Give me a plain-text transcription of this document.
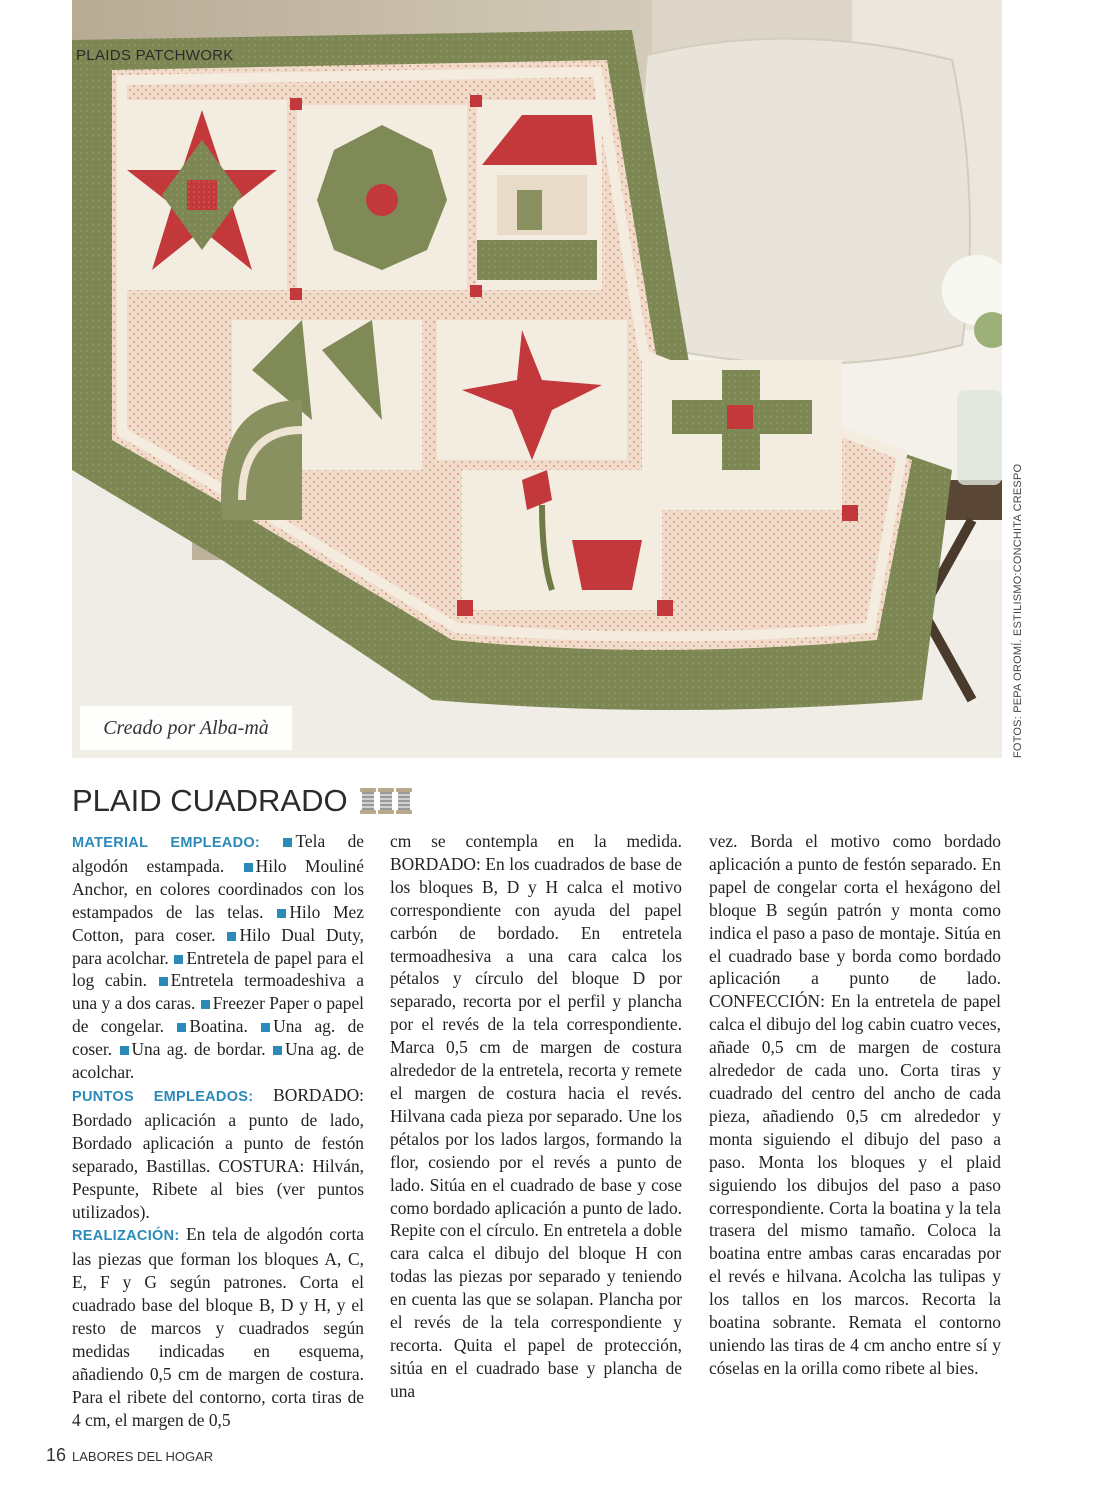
PLAIDS PATCHWORK
Creado por Alba-mà	FOTOS: PEPA OROMÍ. ESTILISMO:CONCHITA CRESPO
PLAID CUADRADO
MATERIAL EMPLEADO: Tela de algodón estampada. Hilo Mouliné Anchor, en colores coordinados con los estampados de las telas. Hilo Mez Cotton, para coser. Hilo Dual Duty, para acolchar. Entretela de papel para el log cabin. Entretela termoadeshiva a una y a dos caras. Freezer Paper o papel de congelar. Boatina. Una ag. de coser. Una ag. de bordar. Una ag. de acolchar.
PUNTOS EMPLEADOS: BORDADO: Bordado aplicación a punto de lado, Bordado aplicación a punto de festón separado, Bastillas. COSTURA: Hilván, Pespunte, Ribete al bies (ver puntos utilizados).
REALIZACIÓN: En tela de algodón corta las piezas que forman los bloques A, C, E, F y G según patrones. Corta el cuadrado base del bloque B, D y H, y el resto de marcos y cuadrados según medidas indicadas en esquema, añadiendo 0,5 cm de margen de costura. Para el ribete del contorno, corta tiras de 4 cm, el margen de 0,5
cm se contempla en la medida. BORDADO: En los cuadrados de base de los bloques B, D y H calca el motivo correspondiente con ayuda del papel carbón de bordado. En entretela termoadhesiva a una cara calca los pétalos y círculo del bloque D por separado, recorta por el perfil y plancha por el revés de la tela correspondiente. Marca 0,5 cm de margen de costura alrededor de la entretela, recorta y remete el margen de costura hacia el revés. Hilvana cada pieza por separado. Une los pétalos por los lados largos, formando la flor, cosiendo por el revés a punto de lado. Sitúa en el cuadrado de base y cose como bordado aplicación a punto de lado. Repite con el círculo. En entretela a doble cara calca el dibujo del bloque H con todas las piezas por separado y teniendo en cuenta las que se solapan. Plancha por el revés de la tela correspondiente y recorta. Quita el papel de protección, sitúa en el cuadrado base y plancha de una
vez. Borda el motivo como bordado aplicación a punto de festón separado. En papel de congelar corta el hexágono del bloque B según patrón y monta como indica el paso a paso de montaje. Sitúa en el cuadrado base y borda como bordado aplicación a punto de lado. CONFECCIÓN: En la entretela de papel calca el dibujo del log cabin cuatro veces, añade 0,5 cm de margen de costura alrededor de cada uno. Corta tiras y cuadrado del centro del ancho de cada pieza, añadiendo 0,5 cm alrededor y monta siguiendo el dibujo del paso a paso. Monta los bloques y el plaid siguiendo los dibujos del paso a paso correspondiente. Corta la boatina y la tela trasera del mismo tamaño. Coloca la boatina entre ambas caras encaradas por el revés e hilvana. Acolcha las tulipas y los tallos en los marcos. Recorta la boatina sobrante. Remata el contorno uniendo las tiras de 4 cm ancho entre sí y cóselas en la orilla como ribete al bies.
16 LABORES DEL HOGAR
